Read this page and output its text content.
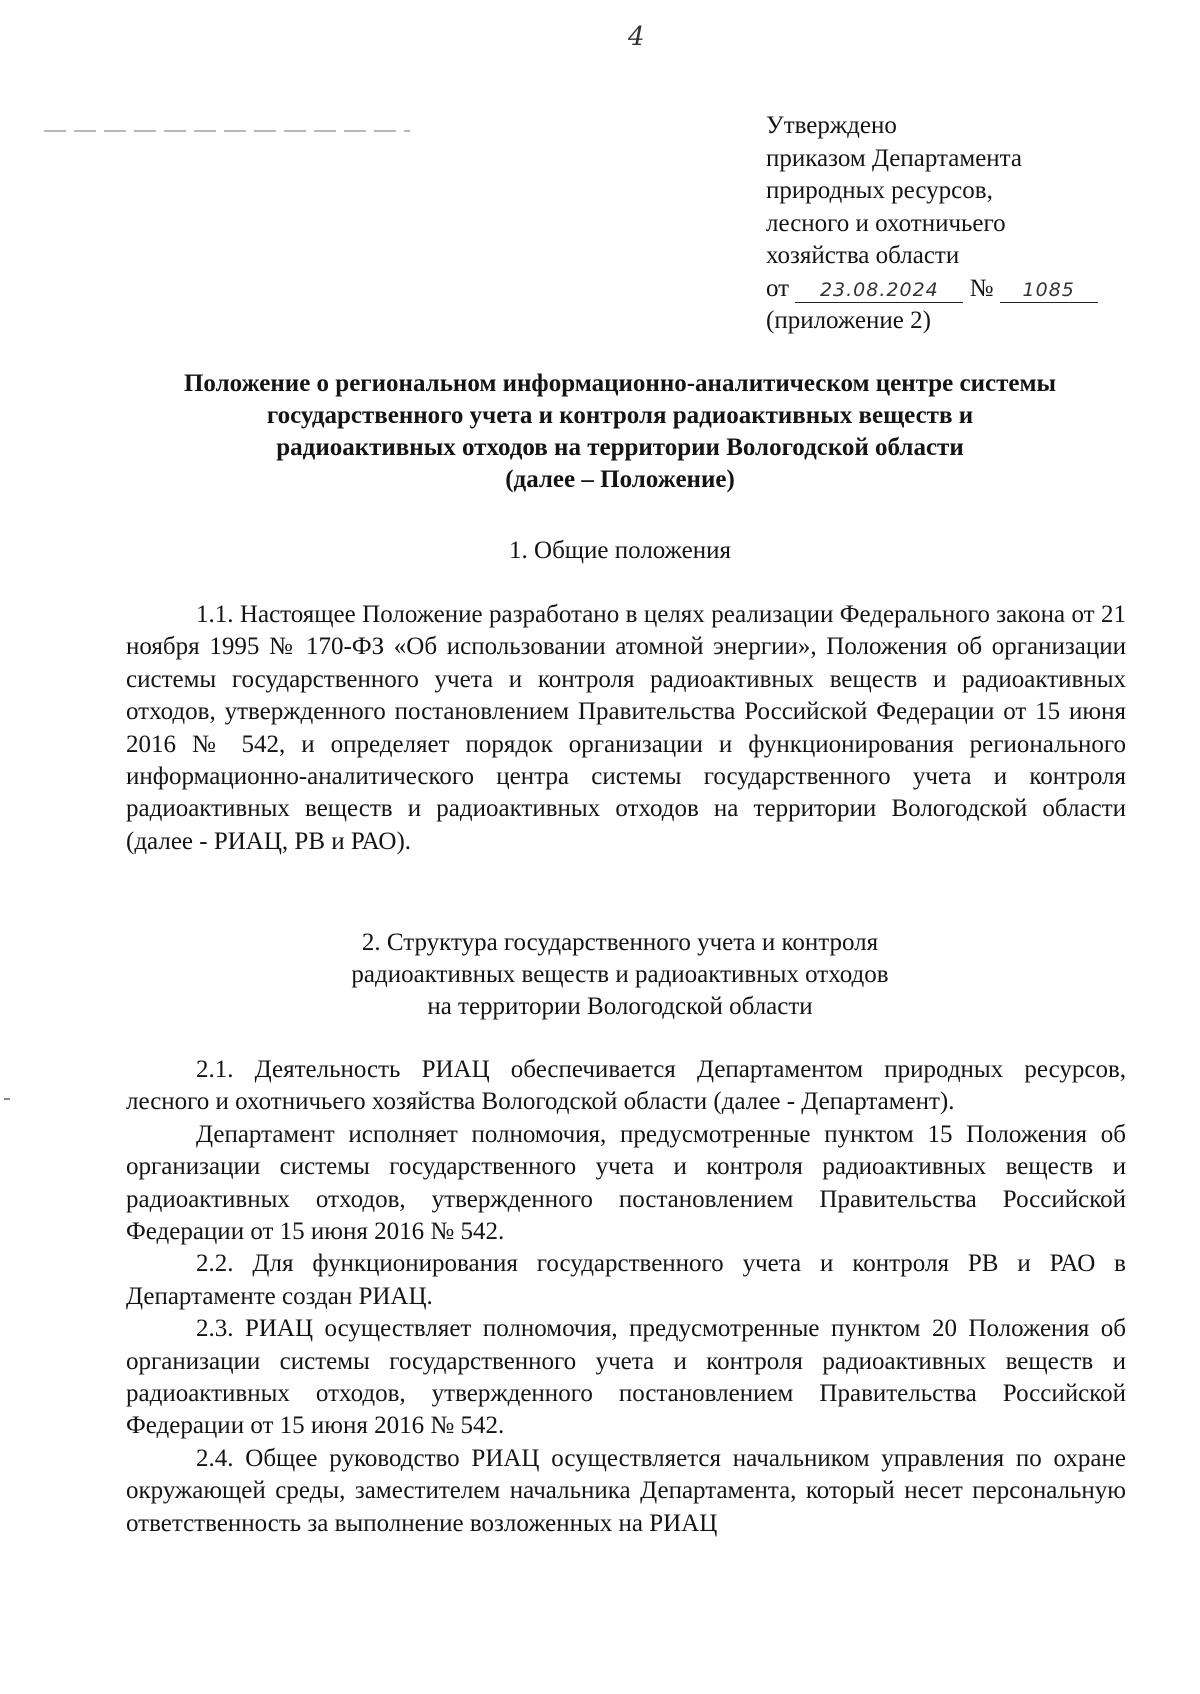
4
Утверждено
приказом Департамента
природных ресурсов,
лесного и охотничьего
хозяйства области
от 23.08.2024 № 1085
(приложение 2)
Положение о региональном информационно-аналитическом центре системы
государственного учета и контроля радиоактивных веществ и
радиоактивных отходов на территории Вологодской области
(далее – Положение)
1. Общие положения

1.1. Настоящее Положение разработано в целях реализации Федерального закона от 21 ноября 1995 № 170-ФЗ «Об использовании атомной энергии», Положения об организации системы государственного учета и контроля радиоактивных веществ и радиоактивных отходов, утвержденного постановлением Правительства Российской Федерации от 15 июня 2016 № 542, и определяет порядок организации и функционирования регионального информационно-аналитического центра системы государственного учета и контроля радиоактивных веществ и радиоактивных отходов на территории Вологодской области (далее - РИАЦ, РВ и РАО).

2. Структура государственного учета и контроля
радиоактивных веществ и радиоактивных отходов
на территории Вологодской области

2.1. Деятельность РИАЦ обеспечивается Департаментом природных ресурсов, лесного и охотничьего хозяйства Вологодской области (далее - Департамент).

Департамент исполняет полномочия, предусмотренные пунктом 15 Положения об организации системы государственного учета и контроля радиоактивных веществ и радиоактивных отходов, утвержденного постановлением Правительства Российской Федерации от 15 июня 2016 № 542.

2.2. Для функционирования государственного учета и контроля РВ и РАО в Департаменте создан РИАЦ.

2.3. РИАЦ осуществляет полномочия, предусмотренные пунктом 20 Положения об организации системы государственного учета и контроля радиоактивных веществ и радиоактивных отходов, утвержденного постановлением Правительства Российской Федерации от 15 июня 2016 № 542.

2.4. Общее руководство РИАЦ осуществляется начальником управления по охране окружающей среды, заместителем начальника Департамента, который несет персональную ответственность за выполнение возложенных на РИАЦ
